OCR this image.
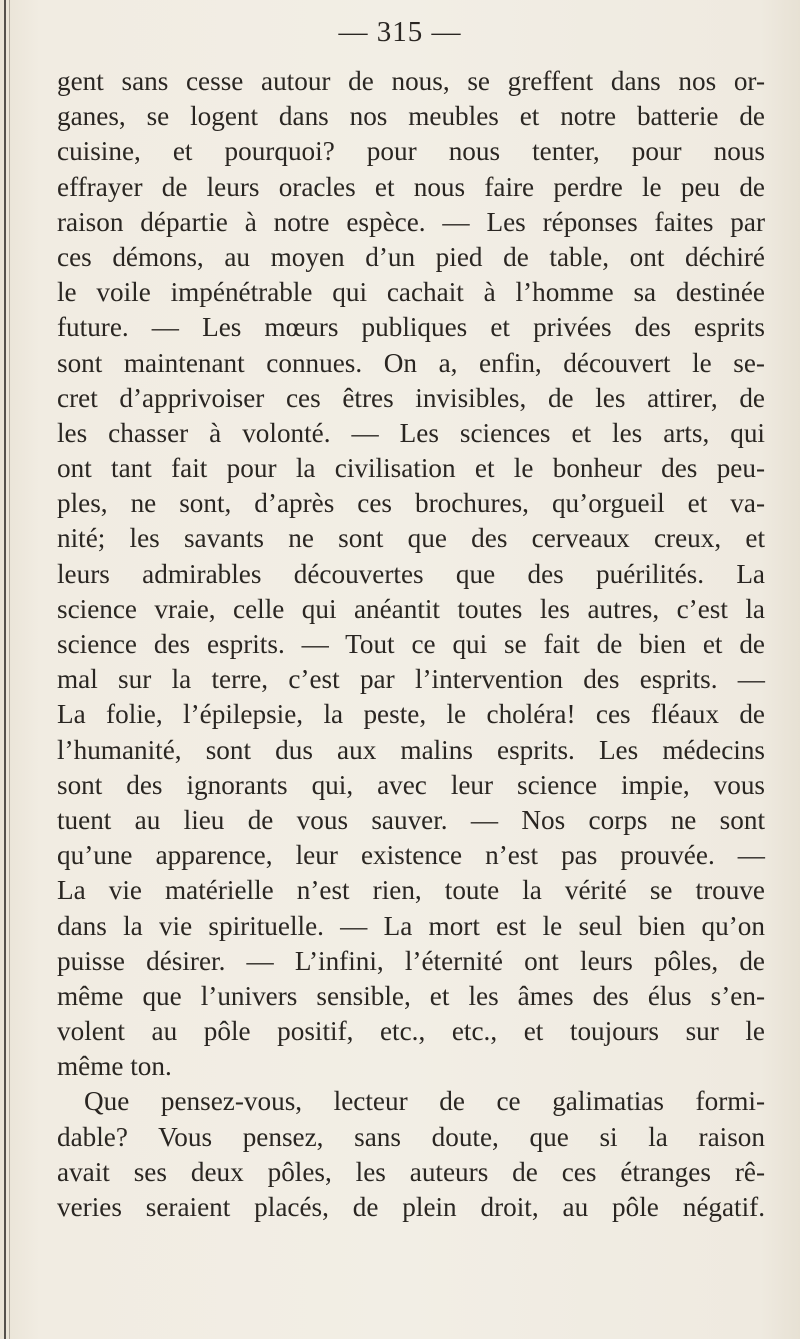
— 315 —
gent sans cesse autour de nous, se greffent dans nos or-
ganes, se logent dans nos meubles et notre batterie de
cuisine, et pourquoi? pour nous tenter, pour nous
effrayer de leurs oracles et nous faire perdre le peu de
raison départie à notre espèce. — Les réponses faites par
ces démons, au moyen d’un pied de table, ont déchiré
le voile impénétrable qui cachait à l’homme sa destinée
future. — Les mœurs publiques et privées des esprits
sont maintenant connues. On a, enfin, découvert le se-
cret d’apprivoiser ces êtres invisibles, de les attirer, de
les chasser à volonté. — Les sciences et les arts, qui
ont tant fait pour la civilisation et le bonheur des peu-
ples, ne sont, d’après ces brochures, qu’orgueil et va-
nité; les savants ne sont que des cerveaux creux, et
leurs admirables découvertes que des puérilités. La
science vraie, celle qui anéantit toutes les autres, c’est la
science des esprits. — Tout ce qui se fait de bien et de
mal sur la terre, c’est par l’intervention des esprits. —
La folie, l’épilepsie, la peste, le choléra! ces fléaux de
l’humanité, sont dus aux malins esprits. Les médecins
sont des ignorants qui, avec leur science impie, vous
tuent au lieu de vous sauver. — Nos corps ne sont
qu’une apparence, leur existence n’est pas prouvée. —
La vie matérielle n’est rien, toute la vérité se trouve
dans la vie spirituelle. — La mort est le seul bien qu’on
puisse désirer. — L’infini, l’éternité ont leurs pôles, de
même que l’univers sensible, et les âmes des élus s’en-
volent au pôle positif, etc., etc., et toujours sur le
même ton.
Que pensez-vous, lecteur de ce galimatias formi-
dable? Vous pensez, sans doute, que si la raison
avait ses deux pôles, les auteurs de ces étranges rê-
veries seraient placés, de plein droit, au pôle négatif.
